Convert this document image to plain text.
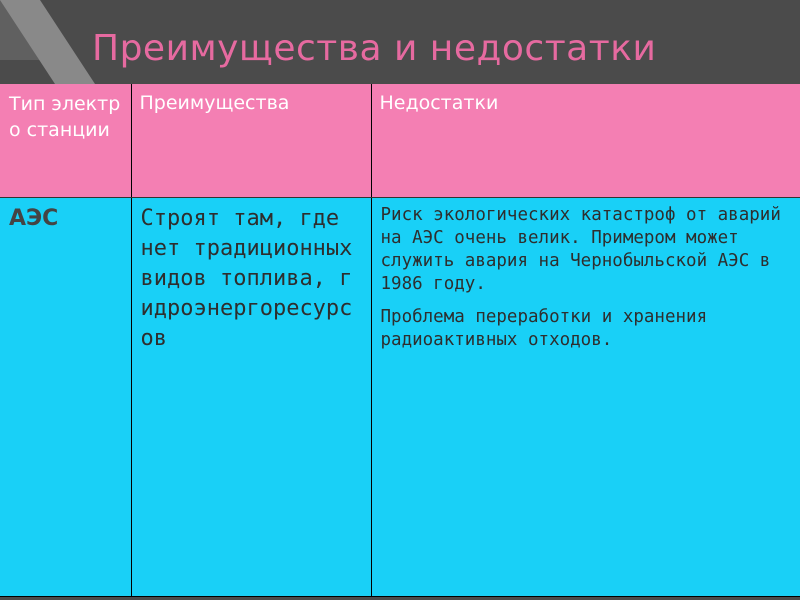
Преимущества и недостатки
Тип электро станции	Преимущества	Недостатки

АЭС	Строят там, где нет традиционных видов топлива, гидроэнергоресурсов	Риск экологических катастроф от аварий на АЭС очень велик. Примером может служить авария на Чернобыльской АЭС в 1986 году.

Проблема переработки и хранения радиоактивных отходов.
